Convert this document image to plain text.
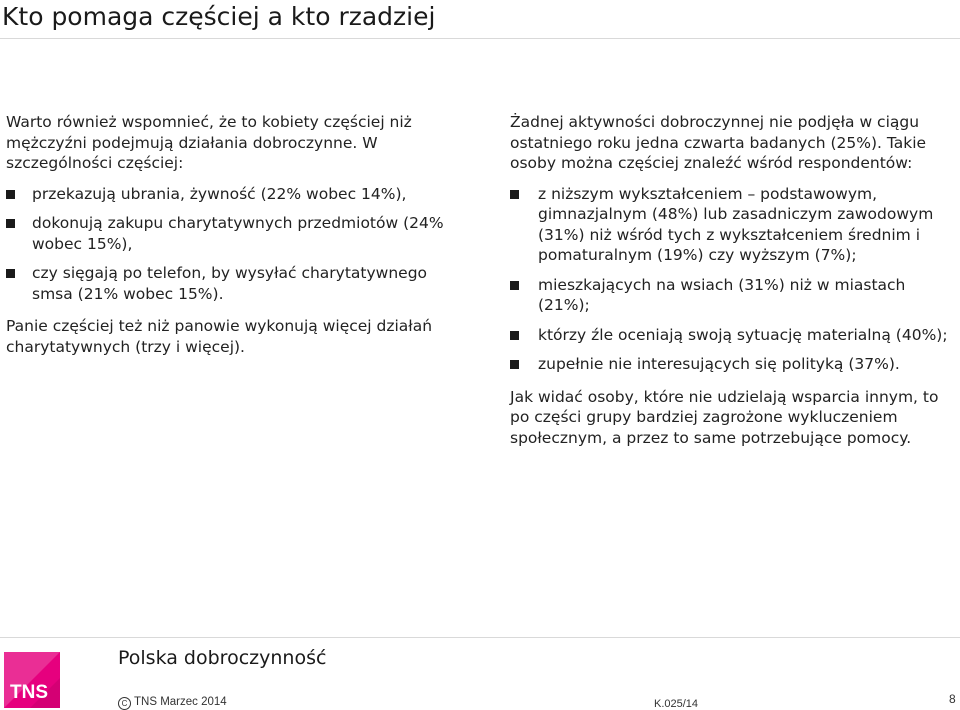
Kto pomaga częściej a kto rzadziej

Warto również wspomnieć, że to kobiety częściej niż mężczyźni podejmują działania dobroczynne. W szczególności częściej:

przekazują ubrania, żywność (22% wobec 14%),
dokonują zakupu charytatywnych przedmiotów (24% wobec 15%),
czy sięgają po telefon, by wysyłać charytatywnego smsa (21% wobec 15%).

Panie częściej też niż panowie wykonują więcej działań charytatywnych (trzy i więcej).

Żadnej aktywności dobroczynnej nie podjęła w ciągu ostatniego roku jedna czwarta badanych (25%). Takie osoby można częściej znaleźć wśród respondentów:

z niższym wykształceniem – podstawowym, gimnazjalnym (48%) lub zasadniczym zawodowym (31%) niż wśród tych z wykształceniem średnim i pomaturalnym (19%) czy wyższym (7%);
mieszkających na wsiach (31%) niż w miastach (21%);
którzy źle oceniają swoją sytuację materialną (40%);
zupełnie nie interesujących się polityką (37%).

Jak widać osoby, które nie udzielają wsparcia innym, to po części grupy bardziej zagrożone wykluczeniem społecznym, a przez to same potrzebujące pomocy.

TNS
Polska dobroczynność
C TNS Marzec 2014	K.025/14	8
